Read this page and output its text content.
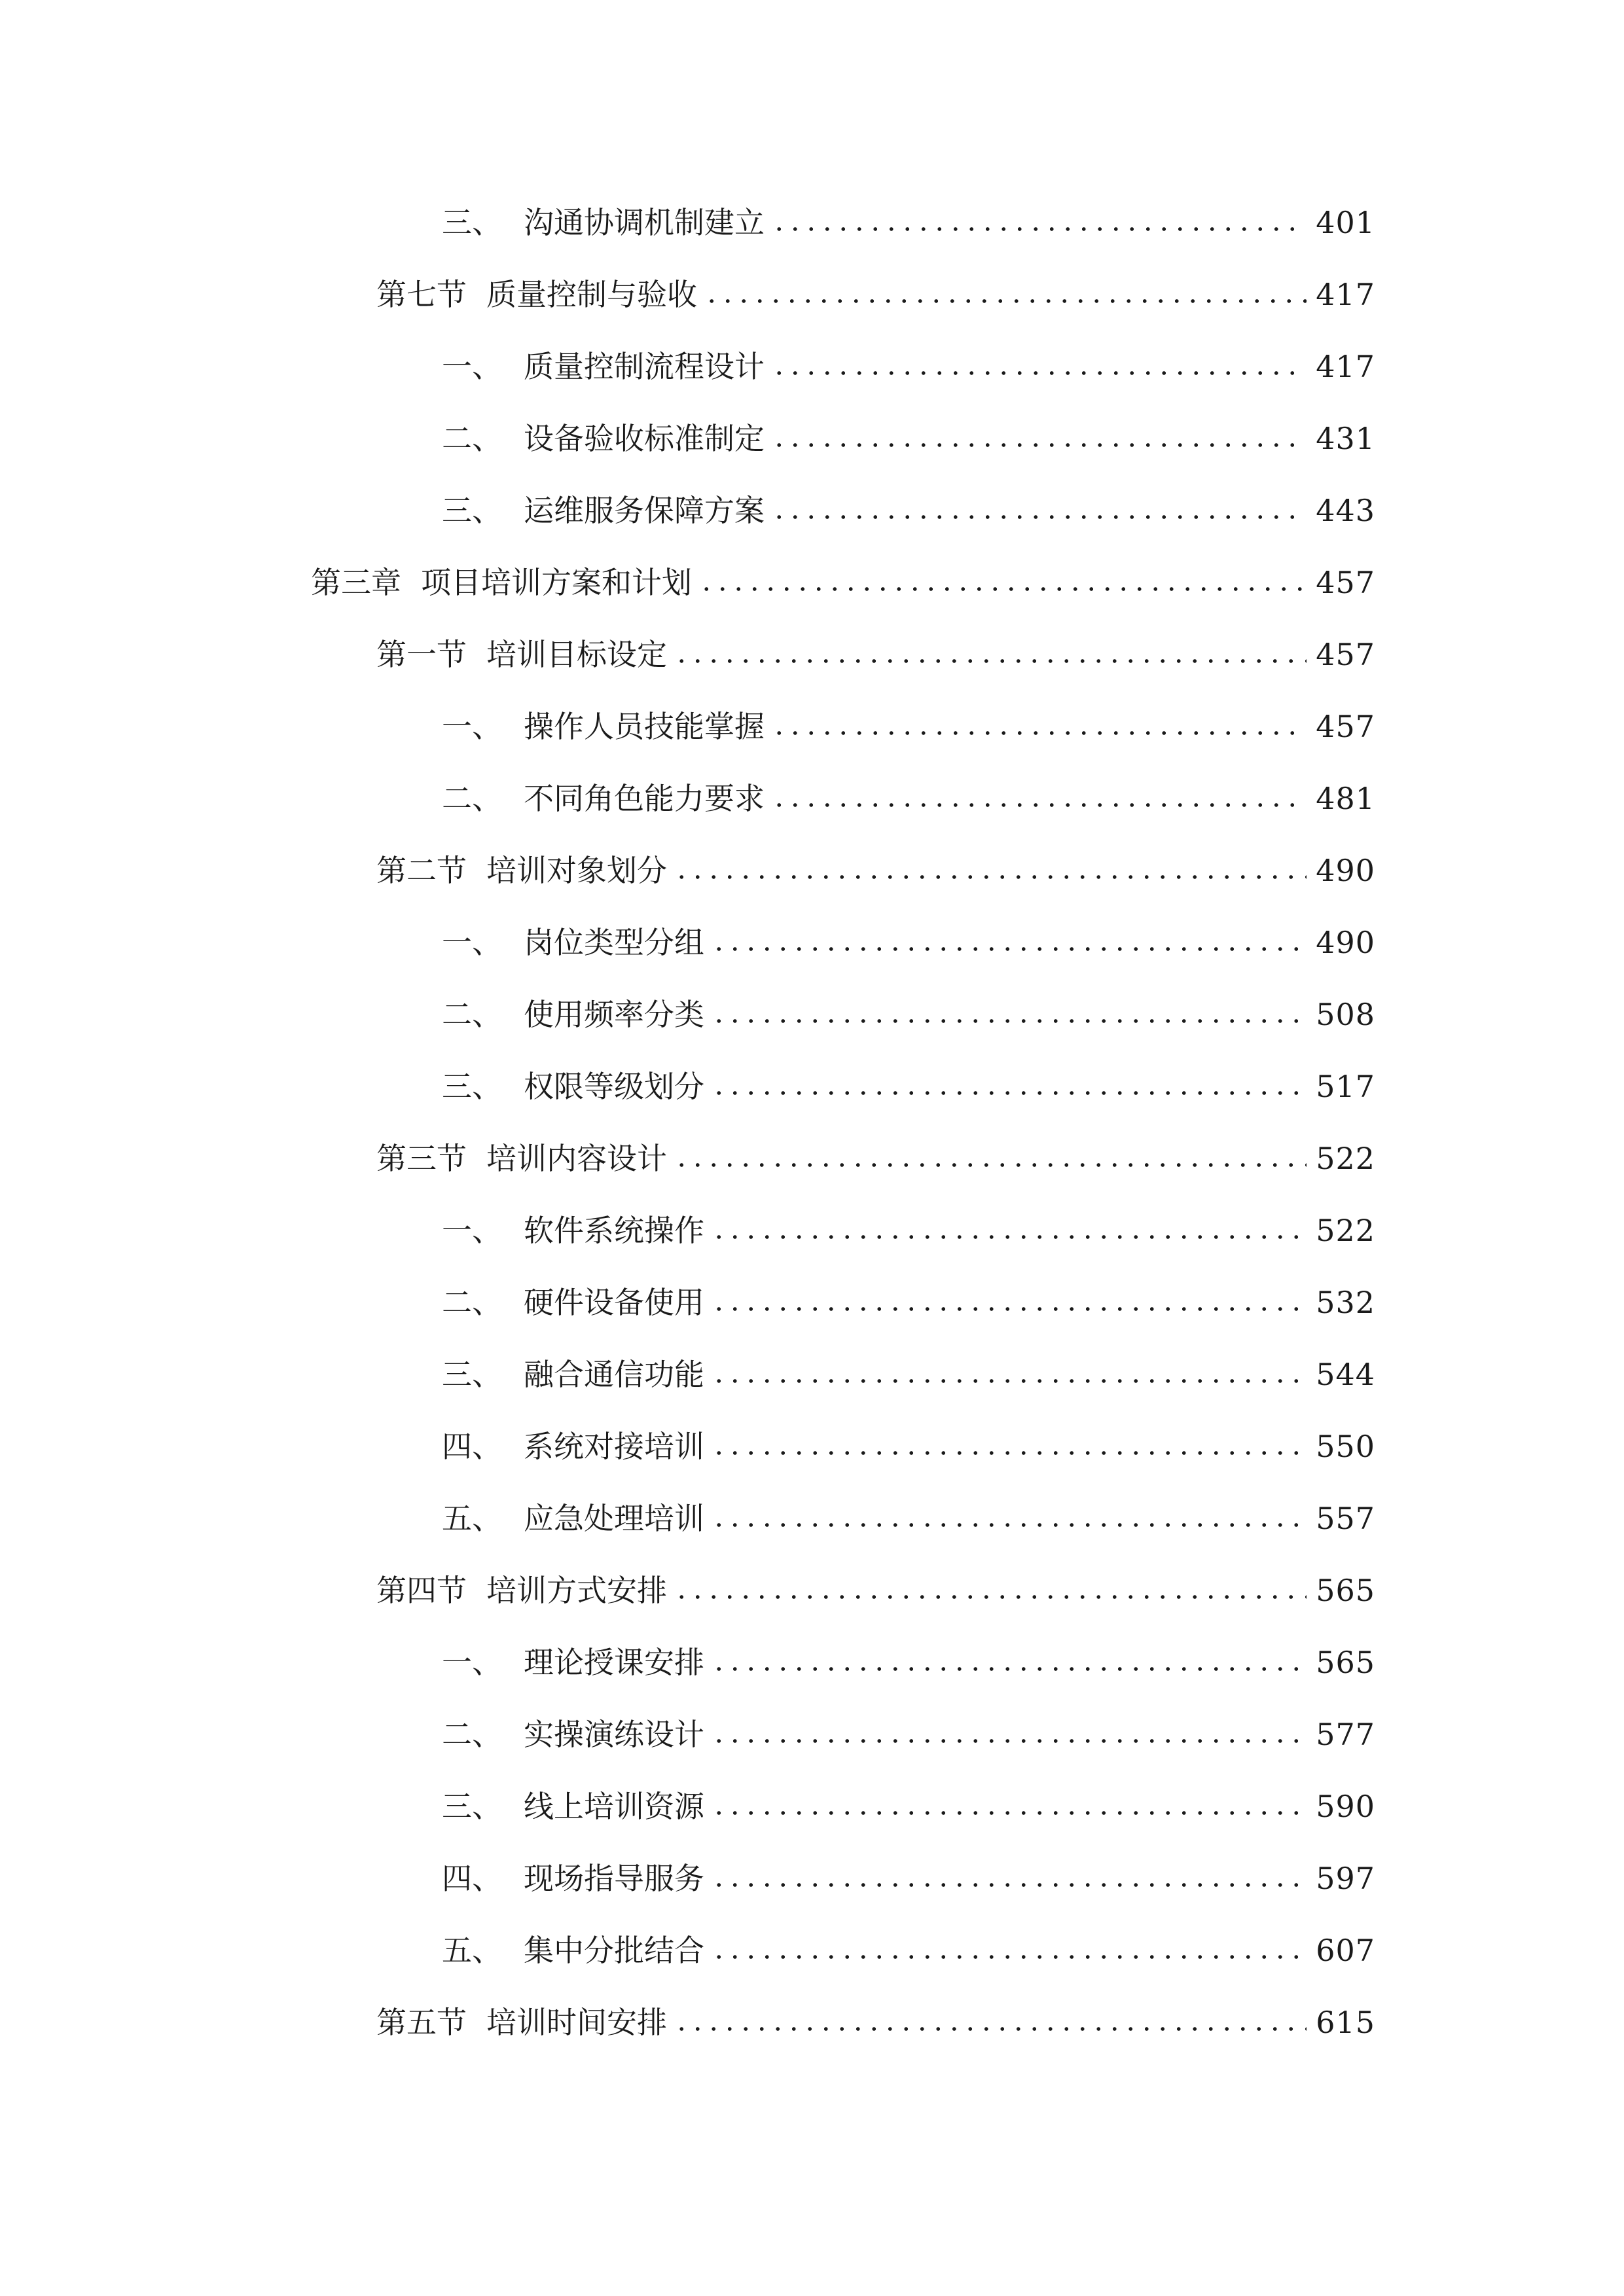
三、 沟通协调机制建立	401
第七节 质量控制与验收	417
一、 质量控制流程设计	417
二、 设备验收标准制定	431
三、 运维服务保障方案	443
第三章 项目培训方案和计划	457
第一节 培训目标设定	457
一、 操作人员技能掌握	457
二、 不同角色能力要求	481
第二节 培训对象划分	490
一、 岗位类型分组	490
二、 使用频率分类	508
三、 权限等级划分	517
第三节 培训内容设计	522
一、 软件系统操作	522
二、 硬件设备使用	532
三、 融合通信功能	544
四、 系统对接培训	550
五、 应急处理培训	557
第四节 培训方式安排	565
一、 理论授课安排	565
二、 实操演练设计	577
三、 线上培训资源	590
四、 现场指导服务	597
五、 集中分批结合	607
第五节 培训时间安排	615
